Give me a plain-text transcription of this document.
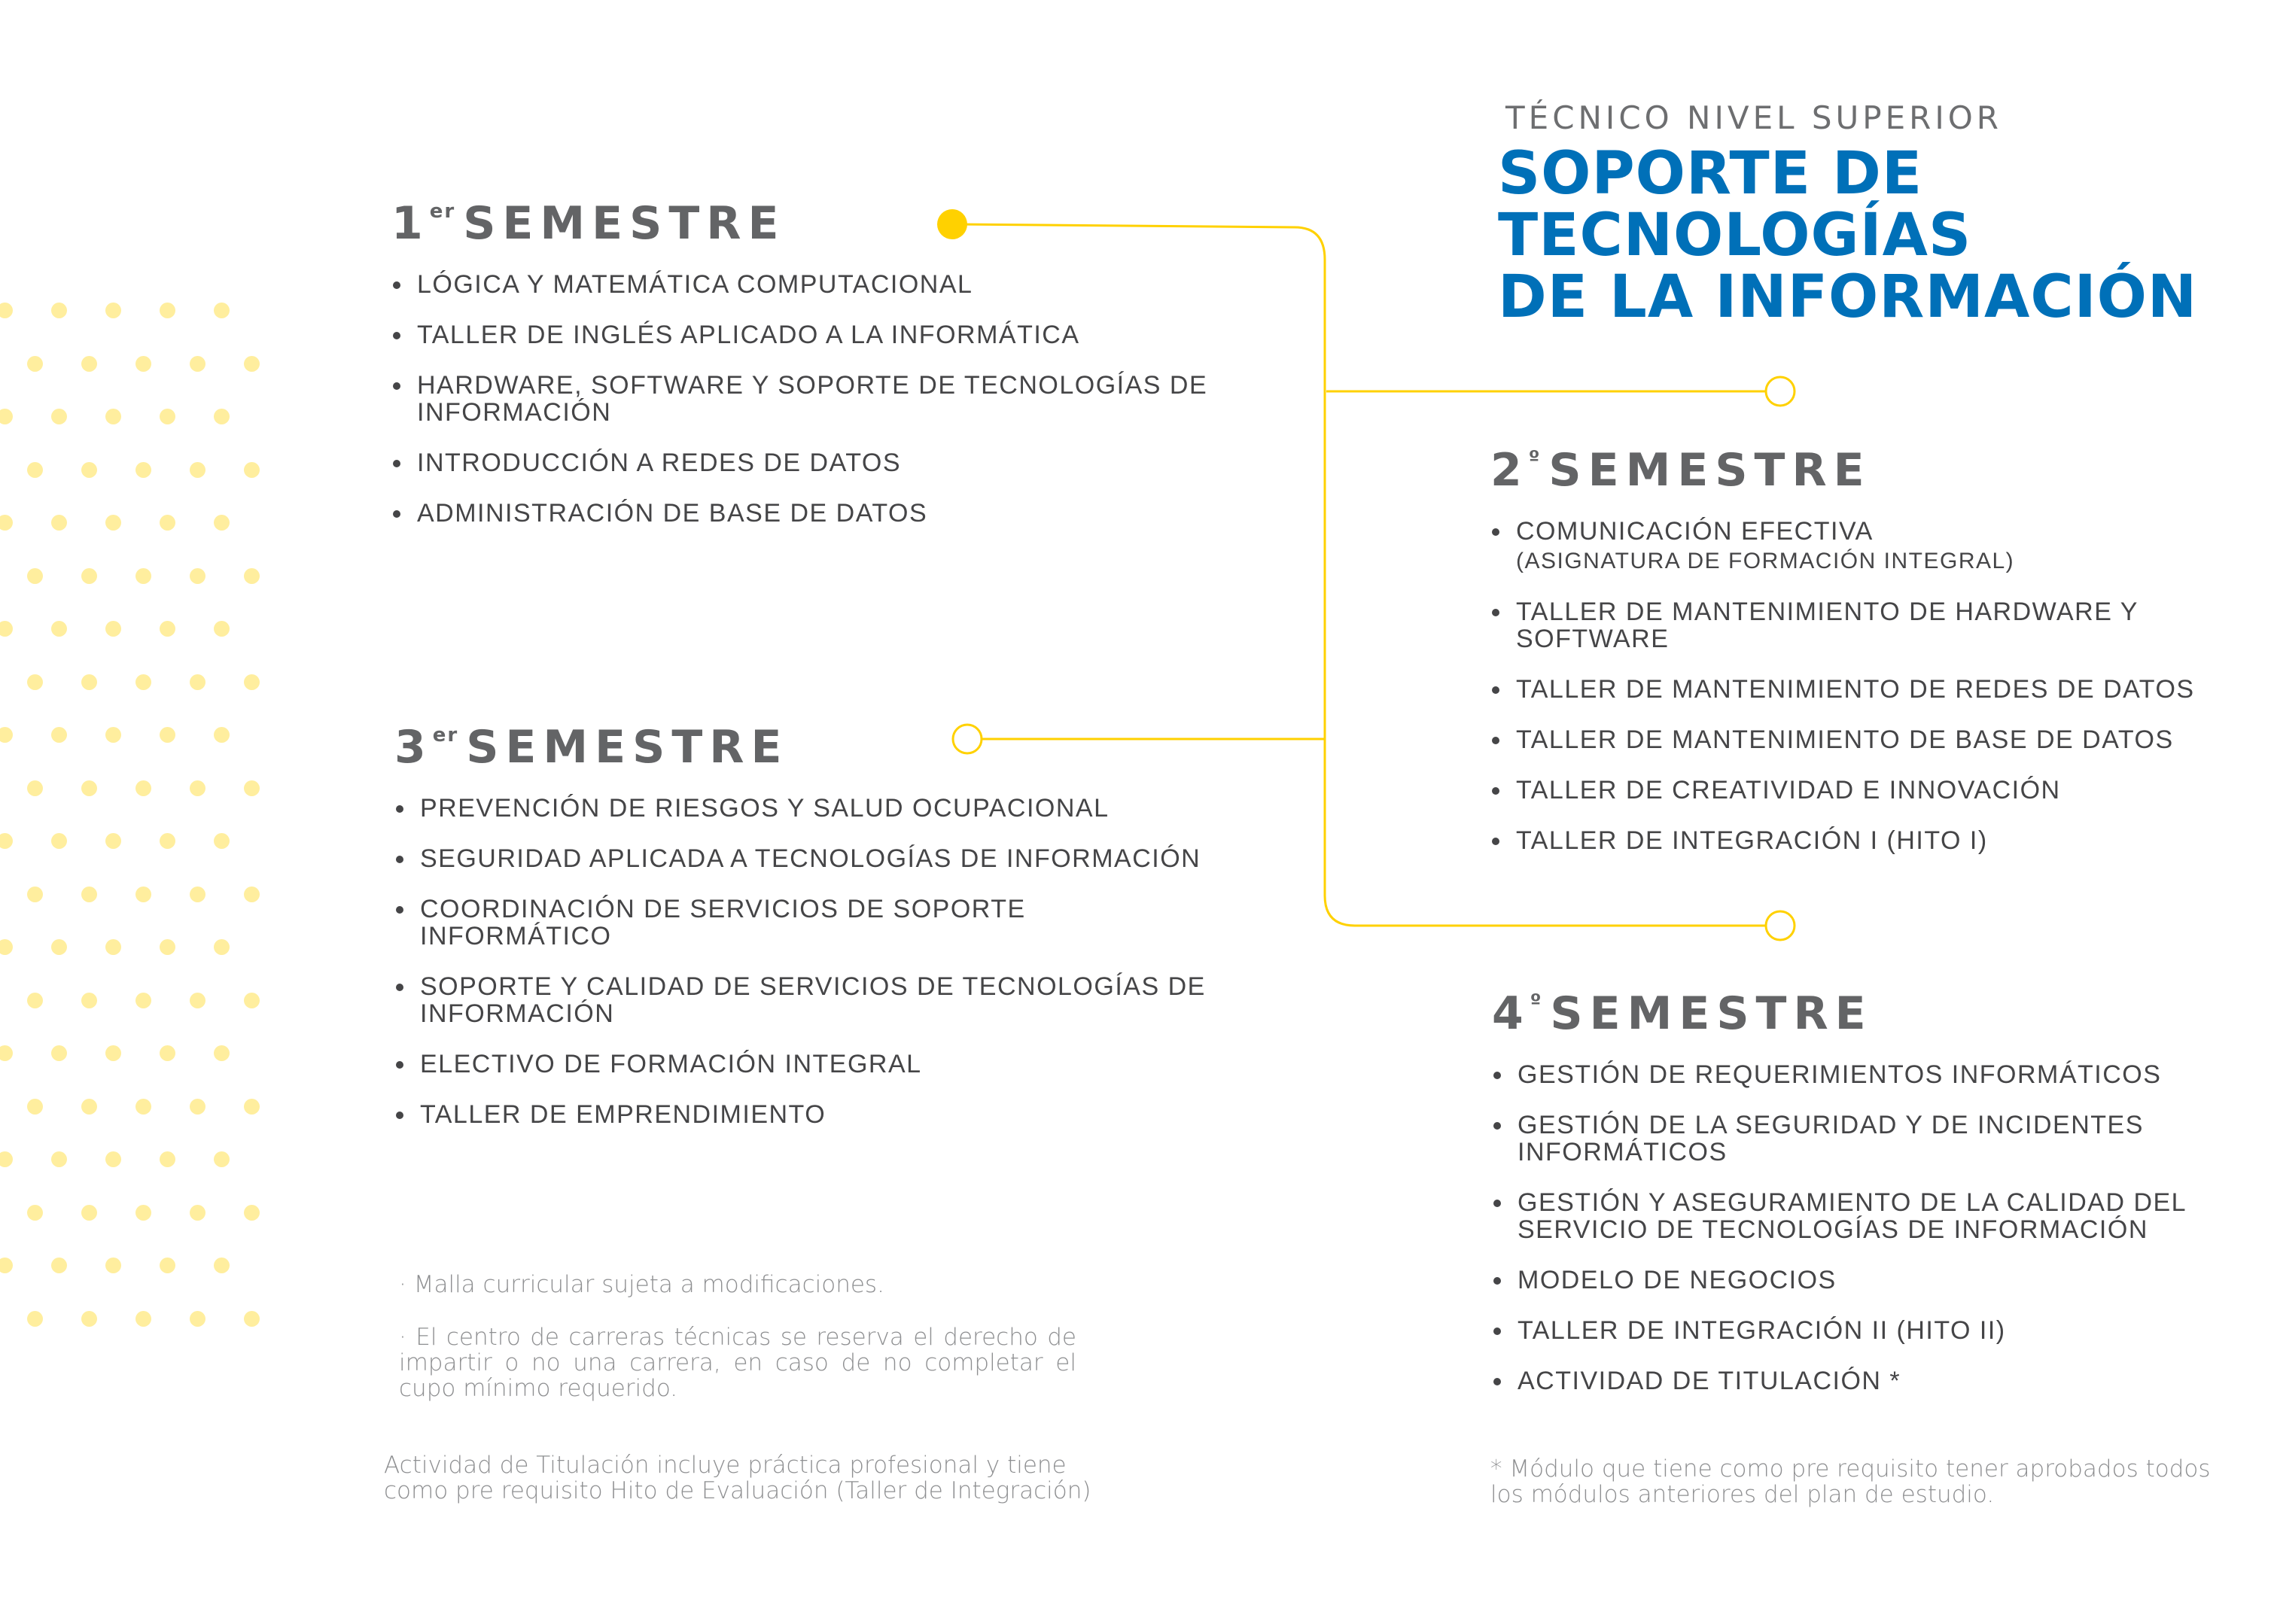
TÉCNICO NIVEL SUPERIOR
SOPORTE DE
TECNOLOGÍAS
DE LA INFORMACIÓN
1er SEMESTRE
LÓGICA Y MATEMÁTICA COMPUTACIONAL
TALLER DE INGLÉS APLICADO A LA INFORMÁTICA
HARDWARE, SOFTWARE Y SOPORTE DE TECNOLOGÍAS DE INFORMACIÓN
INTRODUCCIÓN A REDES DE DATOS
ADMINISTRACIÓN DE BASE DE DATOS
$2^º$ SEMESTRE
COMUNICACIÓN EFECTIVA
(ASIGNATURA DE FORMACIÓN INTEGRAL)
TALLER DE MANTENIMIENTO DE HARDWARE Y SOFTWARE
TALLER DE MANTENIMIENTO DE REDES DE DATOS
TALLER DE MANTENIMIENTO DE BASE DE DATOS
TALLER DE CREATIVIDAD E INNOVACIÓN
TALLER DE INTEGRACIÓN I (HITO I)
3er SEMESTRE
PREVENCIÓN DE RIESGOS Y SALUD OCUPACIONAL
SEGURIDAD APLICADA A TECNOLOGÍAS DE INFORMACIÓN
COORDINACIÓN DE SERVICIOS DE SOPORTE INFORMÁTICO
SOPORTE Y CALIDAD DE SERVICIOS DE TECNOLOGÍAS DE INFORMACIÓN
ELECTIVO DE FORMACIÓN INTEGRAL
TALLER DE EMPRENDIMIENTO
$4^º$ SEMESTRE
GESTIÓN DE REQUERIMIENTOS INFORMÁTICOS
GESTIÓN DE LA SEGURIDAD Y DE INCIDENTES INFORMÁTICOS
GESTIÓN Y ASEGURAMIENTO DE LA CALIDAD DEL SERVICIO DE TECNOLOGÍAS DE INFORMACIÓN
MODELO DE NEGOCIOS
TALLER DE INTEGRACIÓN II (HITO II)
ACTIVIDAD DE TITULACIÓN *

· Malla curricular sujeta a modificaciones.

· El centro de carreras técnicas se reserva el derecho de impartir o no una carrera, en caso de no completar el cupo mínimo requerido.

Actividad de Titulación incluye práctica profesional y tiene como pre requisito Hito de Evaluación (Taller de Integración)

* Módulo que tiene como pre requisito tener aprobados todos los módulos anteriores del plan de estudio.
